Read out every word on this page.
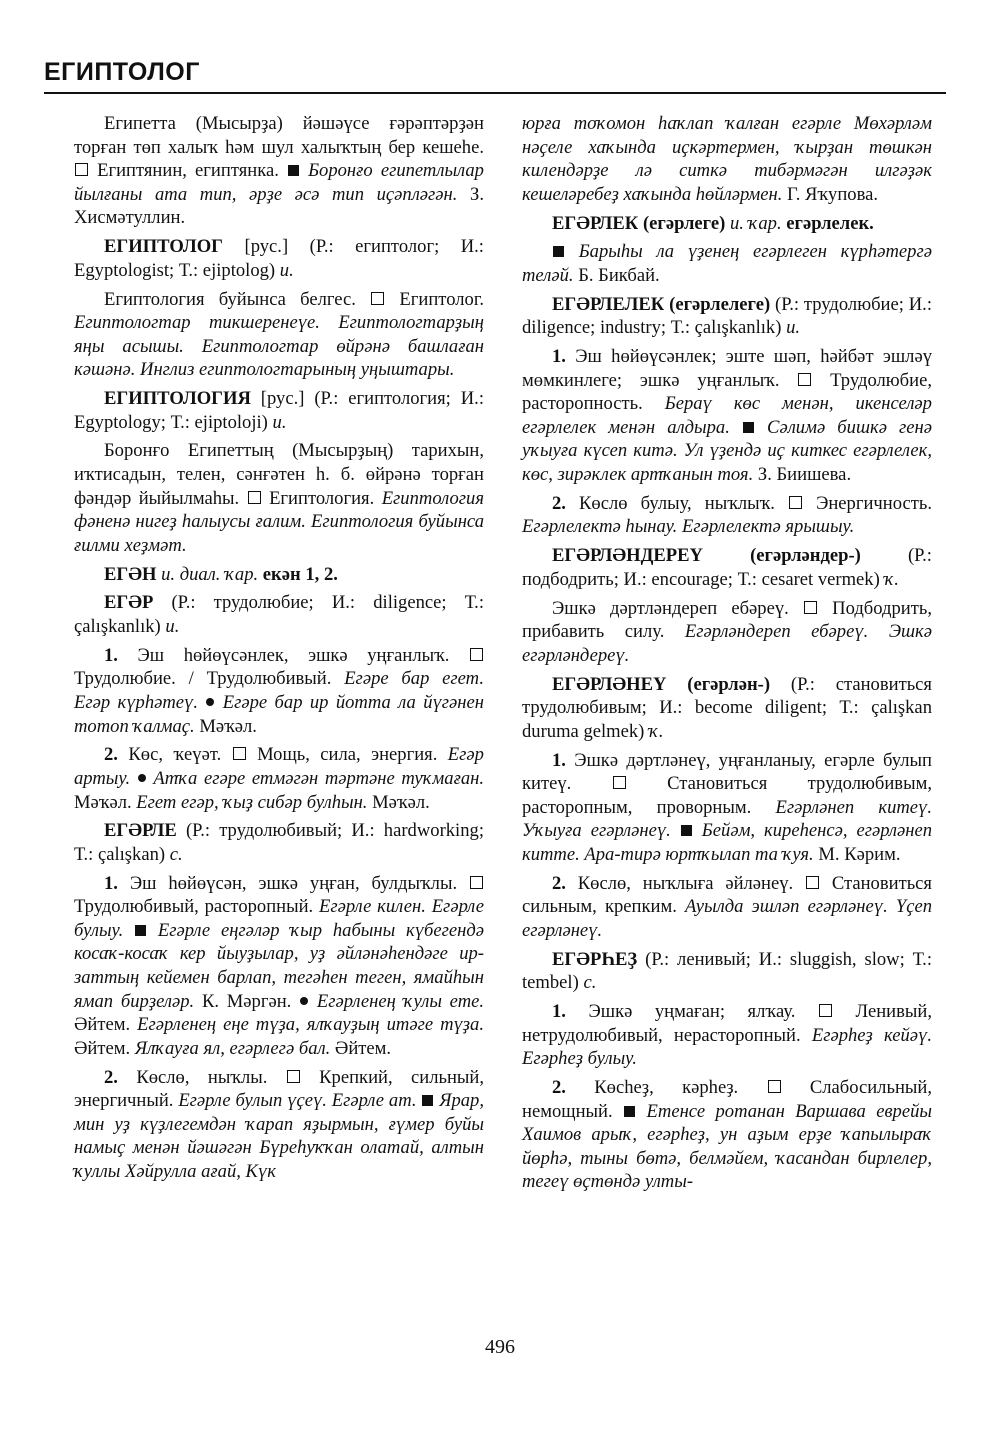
ЕГИПТОЛОГ

Египетта (Мысырҙа) йәшәүсе ғәрәптәрҙән торған төп халыҡ һәм шул халыҡтың бер кешеһе.  Египтянин, египтянка. Боронғо египетлылар йылғаны ата тип, әрҙе әсә тип иҫәпләгән. З. Хисмәтуллин.

ЕГИПТОЛОГ [рус.] (Р.: египтолог; И.: Egyptologist; Т.: ejiptolog) и.

Египтология буйынса белгес. Египтолог. Египтологтар тикшеренеүе. Египтологтарҙың яңы асышы. Египтологтар өйрәнә башлаған кәшәнә. Инглиз египтологтарының уңыштары.

ЕГИПТОЛОГИЯ [рус.] (Р.: египтология; И.: Egyptology; Т.: ejiptoloji) и.

Боронғо Египеттың (Мысырҙың) тарихын, иҡтисадын, телен, сәнғәтен һ. б. өйрәнә торған фәндәр йыйылмаһы. Египтология. Египтология фәненә нигеҙ һалыусы ғалим. Египтология буйынса ғилми хеҙмәт.

ЕГӘН и. диал. ҡар. екән 1, 2.

ЕГӘР (Р.: трудолюбие; И.: diligence; Т.: çalışkanlık) и.

1. Эш һөйөүсәнлек, эшкә уңғанлыҡ.  Трудолюбие. / Трудолюбивый. Егәре бар егет. Егәр күрһәтеү. Егәре бар ир йотта ла йүгәнен тотоп ҡалмаҫ. Мәҡәл.

2. Көс, ҡеүәт. Мощь, сила, энергия. Егәр артыу. Атҡа егәре етмәгән тәртәне туҡмаған. Мәҡәл. Егет егәр, ҡыҙ сибәр булһын. Мәҡәл.

ЕГӘРЛЕ (Р.: трудолюбивый; И.: hardworking; Т.: çalışkan) с.

1. Эш һөйөүсән, эшкә уңған, булдыҡлы.  Трудолюбивый, расторопный. Егәрле килен. Егәрле булыу. Егәрле еңгәләр ҡыр һабыны күбегендә косаҡ-косаҡ кер йыуҙылар, уҙ әйләнәһендәге ир-заттың кейемен барлап, тегәһен теген, ямайһын ямап бирҙеләр. К. Мәргән. Егәрленең ҡулы ете. Әйтем. Егәрленең еңе түҙа, ялҡауҙың итәге түҙа. Әйтем. Ялҡауға ял, егәрлегә бал. Әйтем.

2. Көслө, ныҡлы.	Крепкий, сильный, энергичный. Егәрле булып үҫеү. Егәрле ат. Ярар, мин уҙ күҙлегемдән ҡарап яҙырмын, ғүмер буйы намыҫ менән йәшәгән Бүреһуҡҡан олатай, алтын ҡуллы Хәйрулла ағай, Күк

юрға тоҡомон һаҡлап ҡалған егәрле Мөхәрләм нәҫеле хаҡында иҫкәртермен, ҡырҙан төшкән килендәрҙе лә ситкә тибәрмәгән илгәҙәк кешеләребеҙ хаҡында һөйләрмен. Г. Яҡупова.

ЕГӘРЛЕК (егәрлеге) и. ҡар. егәрлелек.

Барыһы ла үҙенең егәрлеген күрһәтергә теләй. Б. Бикбай.

ЕГӘРЛЕЛЕК (егәрлелеге) (Р.: трудолюбие; И.: diligence; industry; Т.: çalışkanlık) и.

1. Эш һөйөүсәнлек; эште шәп, һәйбәт эшләү мөмкинлеге; эшкә уңғанлыҡ.	Трудолюбие, расторопность. Бераү көс менән, икенселәр егәрлелек менән алдыра. Сәлимә бишкә генә уҡыуға күсеп китә. Ул үҙендә иҫ киткес егәрлелек, көс, зирәклек артҡанын тоя. З. Биишева.

2. Көслө булыу, ныҡлыҡ. Энергичность. Егәрлелектә һынау. Егәрлелектә ярышыу.

ЕГӘРЛӘНДЕРЕҮ	(егәрләндер-)	(Р.: подбодрить; И.: encourage; Т.: cesaret vermek) ҡ.

Эшкә дәртләндереп ебәреү. Подбодрить, прибавить силу. Егәрләндереп ебәреү. Эшкә егәрләндереү.

ЕГӘРЛӘНЕҮ (егәрлән-) (Р.: становиться трудолюбивым; И.: become diligent; Т.: çalışkan duruma gelmek) ҡ.

1. Эшкә дәртләнеү, уңғанланыу, егәрле булып китеү.	Становиться трудолюбивым, расторопным, проворным. Егәрләнеп китеү. Уҡыуға егәрләнеү. Бейәм, киреһенсә, егәрләнеп китте. Ара-тирә юртҡылап та ҡуя. М. Кәрим.

2. Көслө, ныҡлыға әйләнеү. Становиться сильным, крепким. Ауылда эшләп егәрләнеү. Үҫеп егәрләнеү.

ЕГӘРҺЕҘ (Р.: ленивый; И.: sluggish, slow; Т.: tembel) с.

1. Эшкә уңмаған; ялҡау.	Ленивый, нетрудолюбивый, нерасторопный. Егәрһеҙ кейәү. Егәрһеҙ булыу.

2. Көсһеҙ, кәрһеҙ.	Слабосильный, немощный. Етенсе ротанан Варшава еврейы Хаимов арыҡ, егәрһеҙ, ун аҙым ерҙе ҡапылыраҡ йөрһә, тыны бөтә, белмәйем, ҡасандан бирлелер, тегеү өҫтөндә улты-

496
